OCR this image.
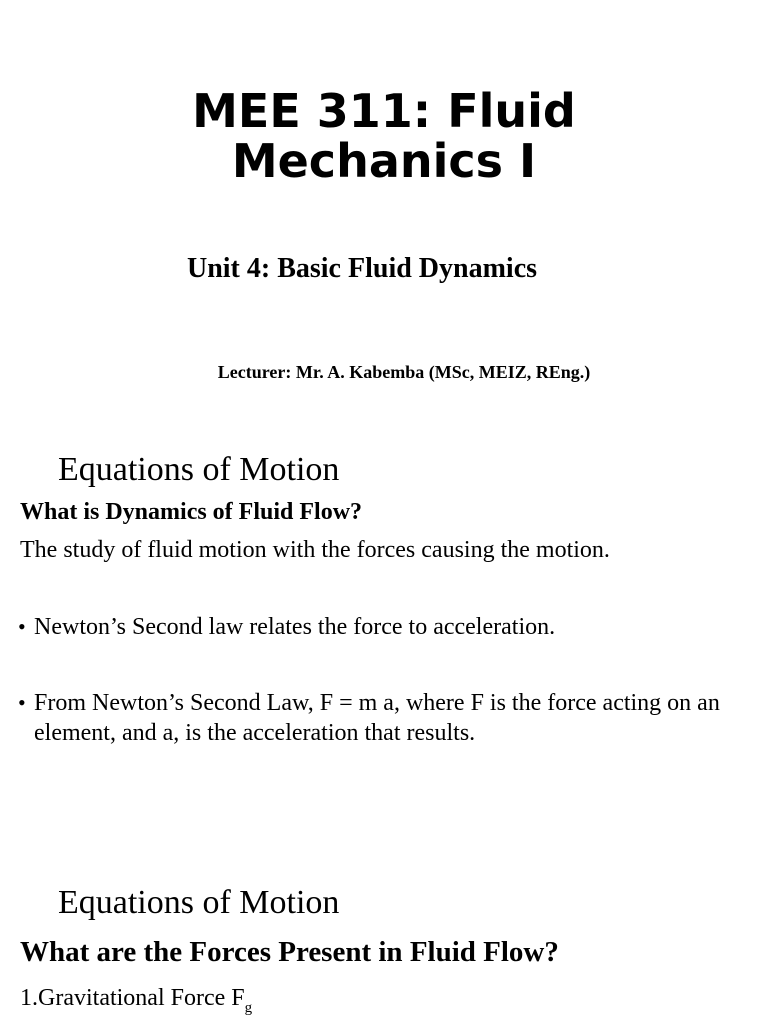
MEE 311: Fluid
Mechanics I
Unit 4: Basic Fluid Dynamics
Lecturer: Mr. A. Kabemba (MSc, MEIZ, REng.)
Equations of Motion
What is Dynamics of Fluid Flow?
The study of fluid motion with the forces causing the motion.
• Newton’s Second law relates the force to acceleration.
• From Newton’s Second Law, F = m a, where F is the force acting on an element, and a, is the acceleration that results.
Equations of Motion
What are the Forces Present in Fluid Flow?
1.Gravitational Force $F_g$
